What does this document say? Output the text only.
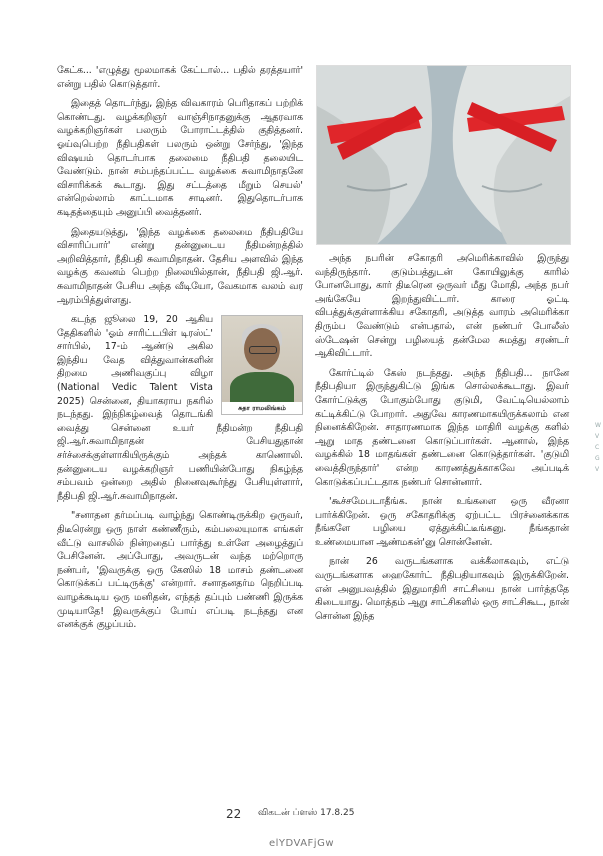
கேட்க... 'எழுத்து மூலமாகக் கேட்டால்... பதில் தரத்தயார்' என்று பதில் கொடுத்தார்.

இதைத் தொடர்ந்து, இந்த விவகாரம் பெரிதாகப் பற்றிக் கொண்டது. வழக்கறிஞர் வாஞ்சிநாதனுக்கு ஆதரவாக வழக்கறிஞர்கள் பலரும் போராட்டத்தில் குதித்தனர். ஓய்வுபெற்ற நீதிபதிகள் பலரும் ஒன்று சேர்ந்து, 'இந்த விஷயம் தொடர்பாக தலைமை நீதிபதி தலையிட வேண்டும். நான் சம்பந்தப்பட்ட வழக்கை சுவாமிநாதனே விசாரிக்கக் கூடாது. இது சட்டத்தை மீறும் செயல்' என்றெல்லாம் காட்டமாக சாடினர். இதுதொடர்பாக கடிதத்தையும் அனுப்பி வைத்தனர்.

இதையடுத்து, 'இந்த வழக்கை தலைமை நீதிபதியே விசாரிப்பார்' என்று தன்னுடைய நீதிமன்றத்தில் அறிவித்தார், நீதிபதி சுவாமிநாதன். தேசிய அளவில் இந்த வழக்கு கவனம் பெற்ற நிலையில்தான், நீதிபதி ஜி.ஆர். சுவாமிநாதன் பேசிய அந்த வீடியோ, வேகமாக வலம் வர ஆரம்பித்துள்ளது.

சுதா ராமலிங்கம்

கடந்த ஜூலை 19, 20 ஆகிய தேதிகளில் 'ஓம் சாரிட்டபிள் டிரஸ்ட்' சார்பில், 17-ம் ஆண்டு அகில இந்திய வேத வித்துவான்களின் திறமை அணிவகுப்பு விழா (National Vedic Talent Vista 2025) சென்னை, தியாகராய நகரில் நடந்தது. இந்நிகழ்வைத் தொடங்கி வைத்து சென்னை உயர் நீதிமன்ற நீதிபதி ஜி.ஆர்.சுவாமிநாதன் பேசியதுதான் சர்ச்சைக்குள்ளாகியிருக்கும் அந்தக் காணொலி. தன்னுடைய வழக்கறிஞர் பணியின்போது நிகழ்ந்த சம்பவம் ஒன்றை அதில் நினைவுகூர்ந்து பேசியுள்ளார், நீதிபதி ஜி.ஆர்.சுவாமிநாதன்.

"சனாதன தர்மப்படி வாழ்ந்து கொண்டிருக்கிற ஒருவர், திடீரென்று ஒரு நாள் கண்ணீரும், கம்பலையுமாக எங்கள் வீட்டு வாசலில் நின்றதைப் பார்த்து உள்ளே அழைத்துப் பேசினேன். அப்போது, அவருடன் வந்த மற்றொரு நண்பர், 'இவருக்கு ஒரு கேஸில் 18 மாசம் தண்டனை கொடுக்கப் பட்டிருக்கு' என்றார். சனாதனதர்ம நெறிப்படி வாழக்கூடிய ஒரு மனிதன், எந்தத் தப்பும் பண்ணி இருக்க முடியாதே! இவருக்குப் போய் எப்படி நடந்தது என எனக்குக் குழப்பம்.

அந்த நபரின் சகோதரி அமெரிக்காவில் இருந்து வந்திருந்தார். குடும்பத்துடன் கோயிலுக்கு காரில் போனபோது, கார் திடீரென ஒருவர் மீது மோதி, அந்த நபர் அங்கேயே இறந்துவிட்டார். காரை ஓட்டி விபத்துக்குள்ளாக்கிய சகோதரி, அடுத்த வாரம் அமெரிக்கா திரும்ப வேண்டும் என்பதால், என் நண்பர் போலீஸ் ஸ்டேஷன் சென்று பழியைத் தன்மேல சுமத்து சரண்டர் ஆகிவிட்டார்.

கோர்ட்டில் கேஸ் நடந்தது. அந்த நீதிபதி... நானே நீதிபதியா இருந்துகிட்டு இங்க சொல்லக்கூடாது. இவர் கோர்ட்டுக்கு போகும்போது குடுமி, வேட்டியெல்லாம் கட்டிக்கிட்டு போறார். அதுவே காரணமாகயிருக்கலாம் என நினைக்கிறேன். சாதாரணமாக இந்த மாதிரி வழக்கு களில் ஆறு மாத தண்டனை கொடுப்பார்கள். ஆனால், இந்த வழக்கில் 18 மாதங்கள் தண்டனை கொடுத்தார்கள். 'குடுமி வைத்திருந்தார்' என்ற காரணத்துக்காகவே அப்படிக் கொடுக்கப்பட்டதாக நண்பர் சொன்னார்.

'கூச்சமேபடாதீங்க. நான் உங்களை ஒரு வீரனா பார்க்கிறேன். ஒரு சகோதரிக்கு ஏற்பட்ட பிரச்னைக்காக நீங்களே பழியை ஏத்துக்கிட்டீங்கனு. நீங்கதான் உண்மையான ஆண்மகன்'னு சொன்னேன்.

நான் 26 வருடங்களாக வக்கீலாகவும், எட்டு வருடங்களாக ஹைகோர்ட் நீதிபதியாகவும் இருக்கிறேன். என் அனுபவத்தில் இதுமாதிரி சாட்சியை நான் பார்த்ததே கிடையாது. மொத்தம் ஆறு சாட்சிகளில் ஒரு சாட்சிகூட, நான் சொன்ன இந்த

W V C G V
22 விகடன் ப்ளஸ் 17.8.25
elYDVAFjGw
